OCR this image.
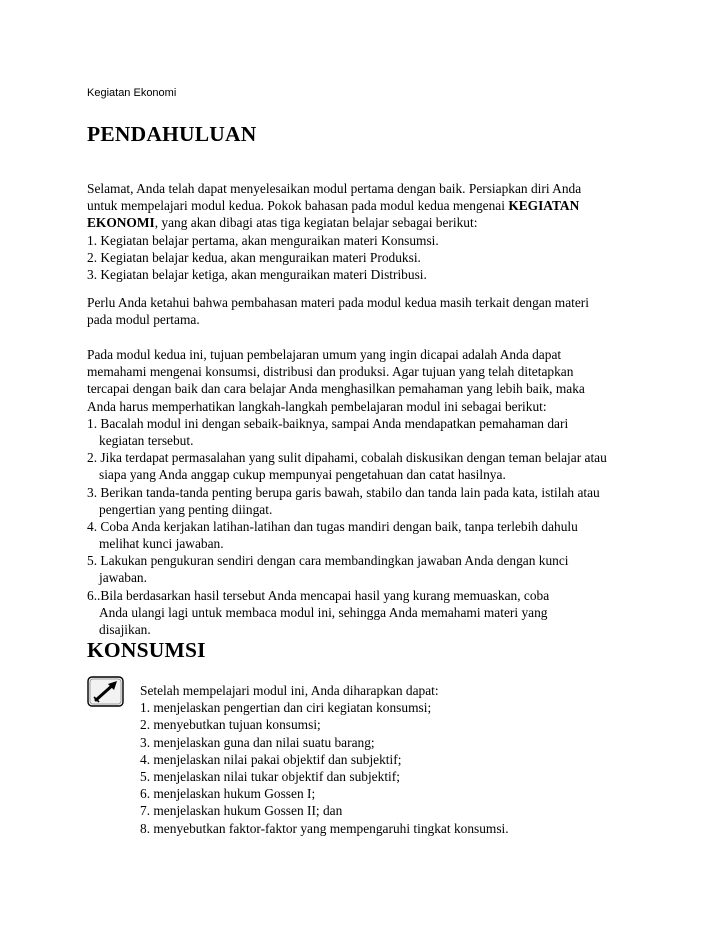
Kegiatan Ekonomi
PENDAHULUAN
Selamat, Anda telah dapat menyelesaikan modul pertama dengan baik. Persiapkan diri Anda
untuk mempelajari modul kedua. Pokok bahasan pada modul kedua mengenai KEGIATAN
EKONOMI, yang akan dibagi atas tiga kegiatan belajar sebagai berikut:
1. Kegiatan belajar pertama, akan menguraikan materi Konsumsi.
2. Kegiatan belajar kedua, akan menguraikan materi Produksi.
3. Kegiatan belajar ketiga, akan menguraikan materi Distribusi.
Perlu Anda ketahui bahwa pembahasan materi pada modul kedua masih terkait dengan materi
pada modul pertama.
Pada modul kedua ini, tujuan pembelajaran umum yang ingin dicapai adalah Anda dapat
memahami mengenai konsumsi, distribusi dan produksi. Agar tujuan yang telah ditetapkan
tercapai dengan baik dan cara belajar Anda menghasilkan pemahaman yang lebih baik, maka
Anda harus memperhatikan langkah-langkah pembelajaran modul ini sebagai berikut:
1. Bacalah modul ini dengan sebaik-baiknya, sampai Anda mendapatkan pemahaman dari
kegiatan tersebut.
2. Jika terdapat permasalahan yang sulit dipahami, cobalah diskusikan dengan teman belajar atau
siapa yang Anda anggap cukup mempunyai pengetahuan dan catat hasilnya.
3. Berikan tanda-tanda penting berupa garis bawah, stabilo dan tanda lain pada kata, istilah atau
pengertian yang penting diingat.
4. Coba Anda kerjakan latihan-latihan dan tugas mandiri dengan baik, tanpa terlebih dahulu
melihat kunci jawaban.
5. Lakukan pengukuran sendiri dengan cara membandingkan jawaban Anda dengan kunci
jawaban.
6..Bila berdasarkan hasil tersebut Anda mencapai hasil yang kurang memuaskan, coba
Anda ulangi lagi untuk membaca modul ini, sehingga Anda memahami materi yang
disajikan.
KONSUMSI
Setelah mempelajari modul ini, Anda diharapkan dapat:
1. menjelaskan pengertian dan ciri kegiatan konsumsi;
2. menyebutkan tujuan konsumsi;
3. menjelaskan guna dan nilai suatu barang;
4. menjelaskan nilai pakai objektif dan subjektif;
5. menjelaskan nilai tukar objektif dan subjektif;
6. menjelaskan hukum Gossen I;
7. menjelaskan hukum Gossen II; dan
8. menyebutkan faktor-faktor yang mempengaruhi tingkat konsumsi.
